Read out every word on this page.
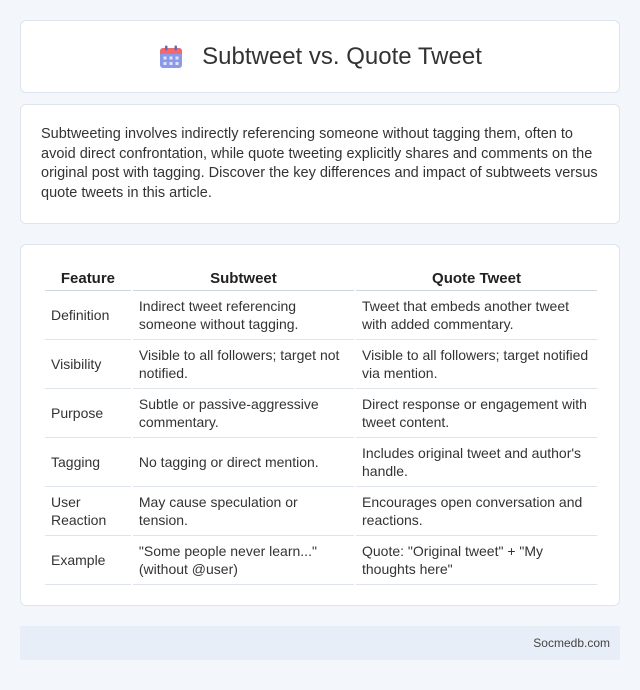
Subtweet vs. Quote Tweet

Subtweeting involves indirectly referencing someone without tagging them, often to avoid direct confrontation, while quote tweeting explicitly shares and comments on the original post with tagging. Discover the key differences and impact of subtweets versus quote tweets in this article.

Feature	Subtweet	Quote Tweet
Definition	Indirect tweet referencing someone without tagging.	Tweet that embeds another tweet with added commentary.
Visibility	Visible to all followers; target not notified.	Visible to all followers; target notified via mention.
Purpose	Subtle or passive-aggressive commentary.	Direct response or engagement with tweet content.
Tagging	No tagging or direct mention.	Includes original tweet and author's handle.
User Reaction	May cause speculation or tension.	Encourages open conversation and reactions.
Example	"Some people never learn..." (without @user)	Quote: "Original tweet" + "My thoughts here"
Socmedb.com
